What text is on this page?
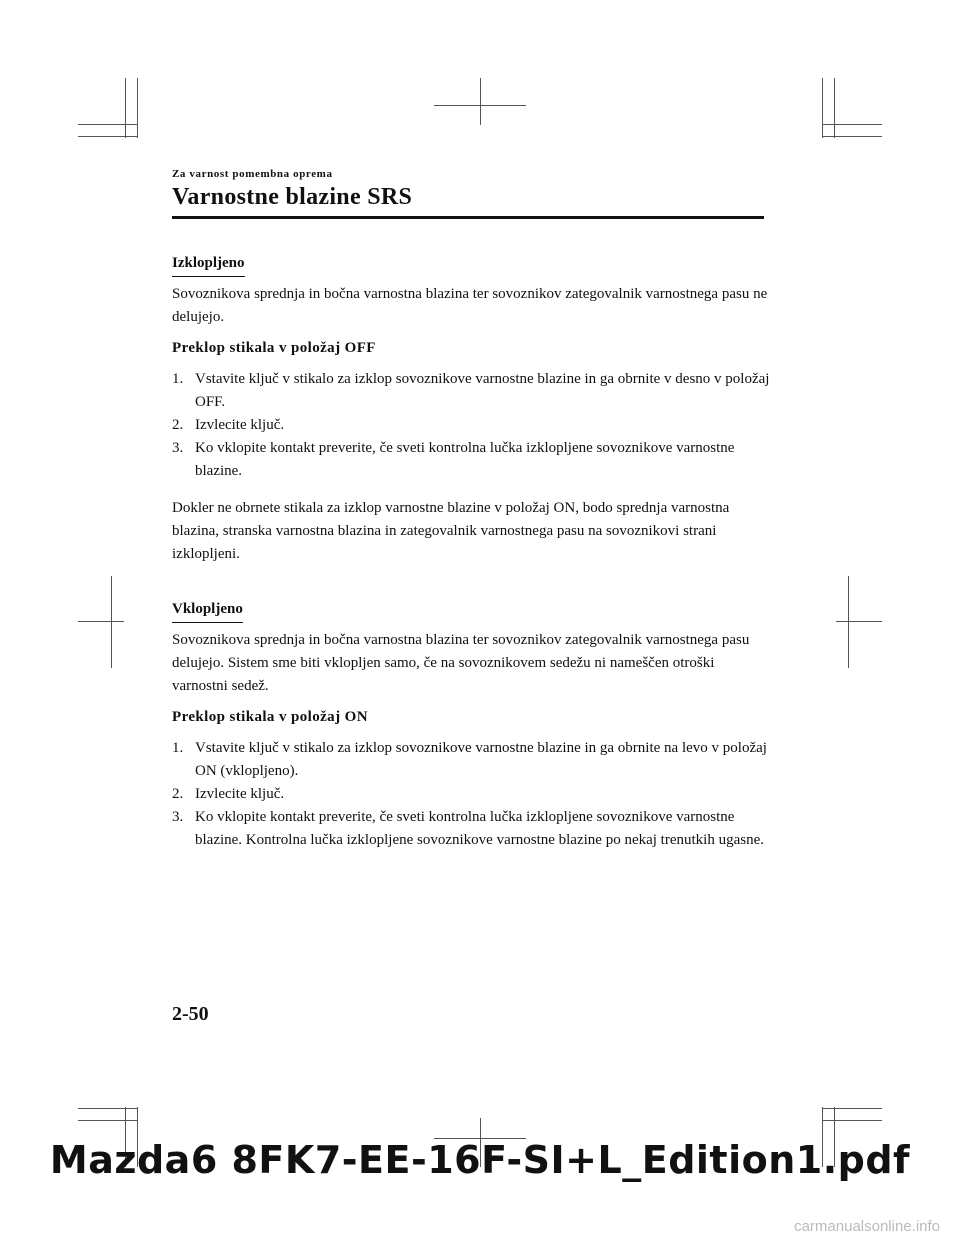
Za varnost pomembna oprema
Varnostne blazine SRS
Izklopljeno

Sovoznikova sprednja in bočna varnostna blazina ter sovoznikov zategovalnik varnostnega pasu ne delujejo.

Preklop stikala v položaj OFF

1. Vstavite ključ v stikalo za izklop sovoznikove varnostne blazine in ga obrnite v desno v položaj OFF.
2. Izvlecite ključ.
3. Ko vklopite kontakt preverite, če sveti kontrolna lučka izklopljene sovoznikove varnostne blazine.

Dokler ne obrnete stikala za izklop varnostne blazine v položaj ON, bodo sprednja varnostna blazina, stranska varnostna blazina in zategovalnik varnostnega pasu na sovoznikovi strani izklopljeni.

Vklopljeno

Sovoznikova sprednja in bočna varnostna blazina ter sovoznikov zategovalnik varnostnega pasu delujejo. Sistem sme biti vklopljen samo, če na sovoznikovem sedežu ni nameščen otroški varnostni sedež.

Preklop stikala v položaj ON

1. Vstavite ključ v stikalo za izklop sovoznikove varnostne blazine in ga obrnite na levo v položaj ON (vklopljeno).
2. Izvlecite ključ.
3. Ko vklopite kontakt preverite, če sveti kontrolna lučka izklopljene sovoznikove varnostne blazine. Kontrolna lučka izklopljene sovoznikove varnostne blazine po nekaj trenutkih ugasne.
2-50
Mazda6 8FK7-EE-16F-SI+L_Edition1.pdf
carmanualsonline.info
